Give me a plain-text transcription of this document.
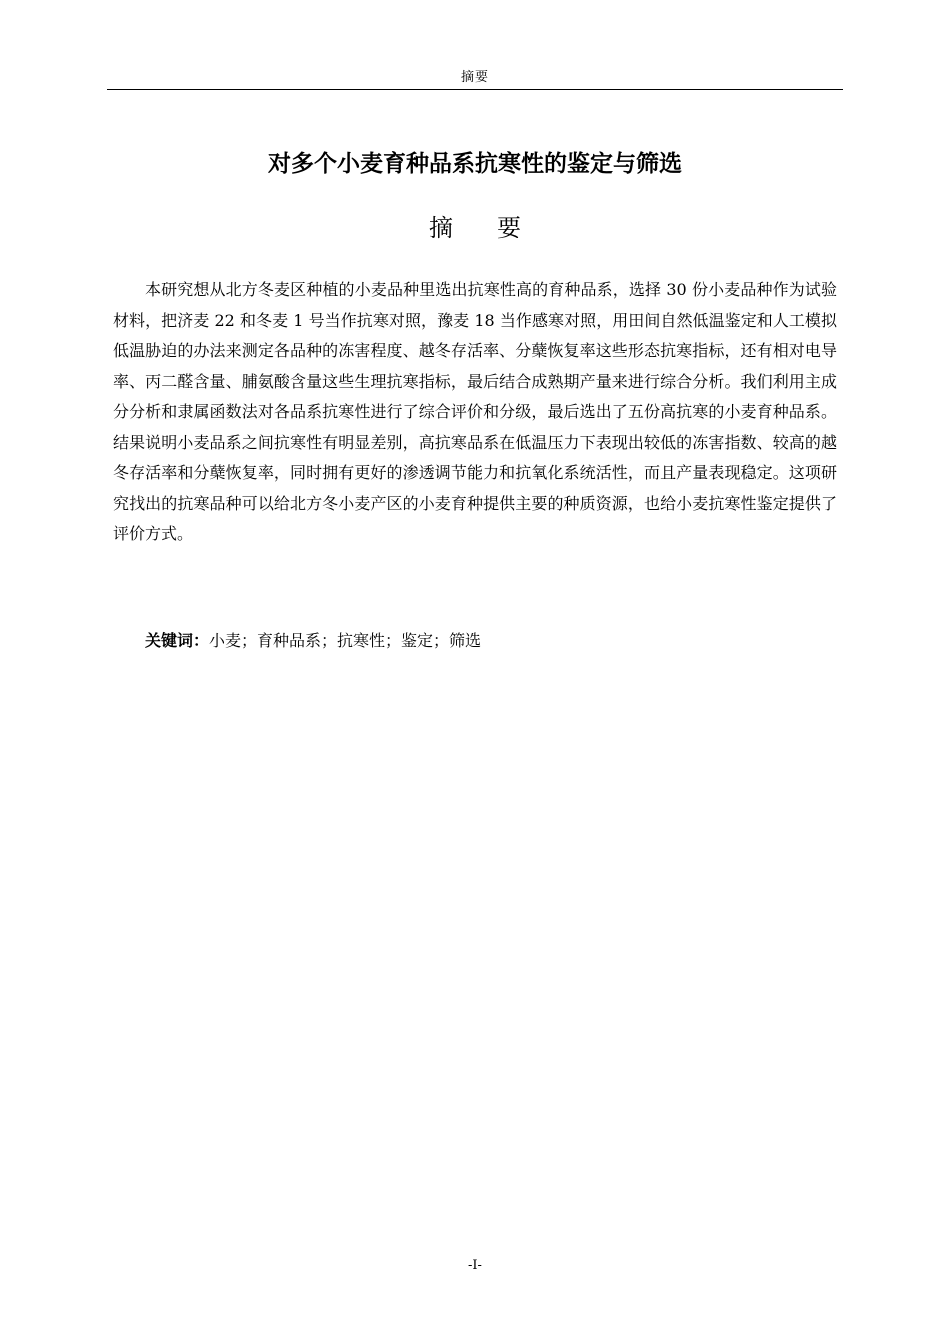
摘要
对多个小麦育种品系抗寒性的鉴定与筛选
摘要

本研究想从北方冬麦区种植的小麦品种里选出抗寒性高的育种品系，选择 30 份小麦品种作为试验材料，把济麦 22 和冬麦 1 号当作抗寒对照，豫麦 18 当作感寒对照，用田间自然低温鉴定和人工模拟低温胁迫的办法来测定各品种的冻害程度、越冬存活率、分蘖恢复率这些形态抗寒指标，还有相对电导率、丙二醛含量、脯氨酸含量这些生理抗寒指标，最后结合成熟期产量来进行综合分析。我们利用主成分分析和隶属函数法对各品系抗寒性进行了综合评价和分级，最后选出了五份高抗寒的小麦育种品系。结果说明小麦品系之间抗寒性有明显差别，高抗寒品系在低温压力下表现出较低的冻害指数、较高的越冬存活率和分蘖恢复率，同时拥有更好的渗透调节能力和抗氧化系统活性，而且产量表现稳定。这项研究找出的抗寒品种可以给北方冬小麦产区的小麦育种提供主要的种质资源，也给小麦抗寒性鉴定提供了评价方式。

关键词：小麦；育种品系；抗寒性；鉴定；筛选

-I-
